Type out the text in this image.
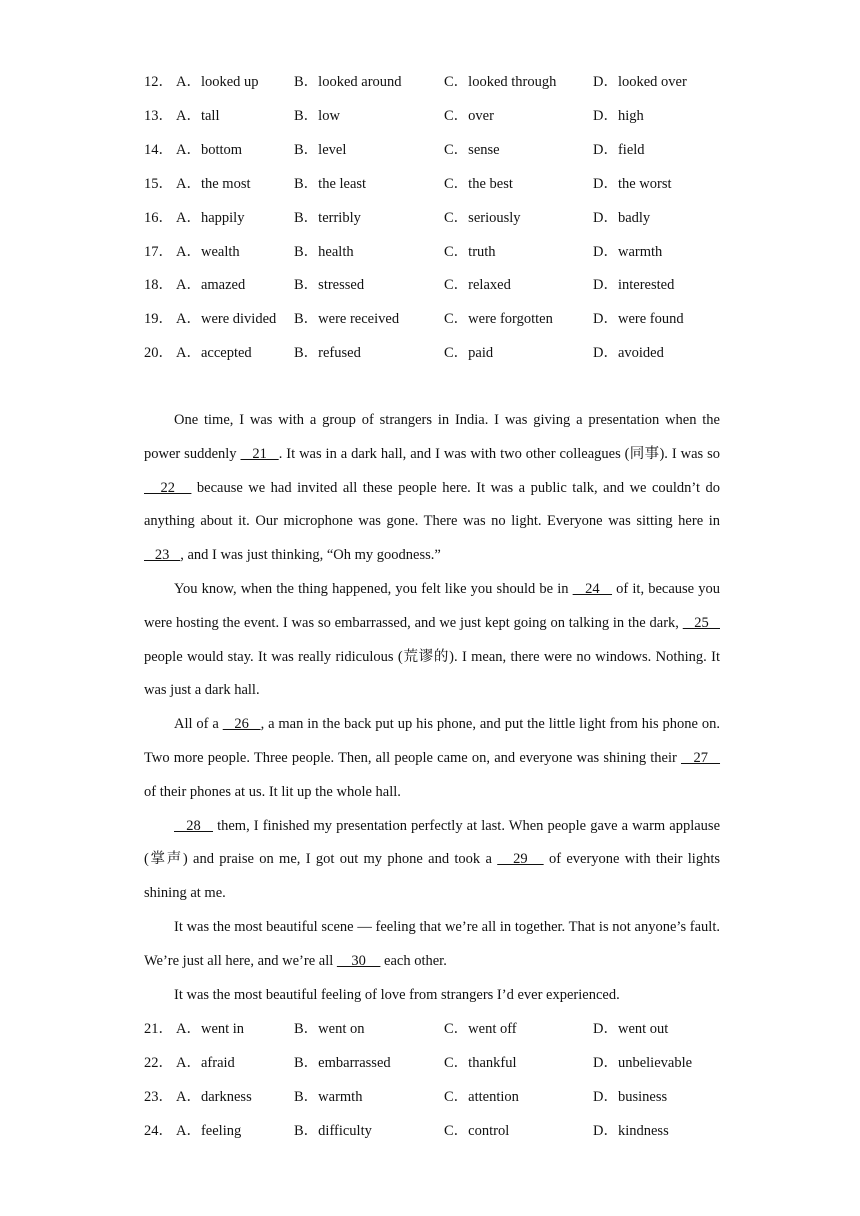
12． A．looked up B．looked around	C．looked through	D．looked over
13． A．tall	B．low	C．over	D．high
14． A．bottom	B．level	C．sense	D．field
15． A．the most	B．the least	C．the best	D．the worst
16． A．happily	B．terribly	C．seriously	D．badly
17． A．wealth	B．health	C．truth	D．warmth
18． A．amazed	B．stressed	C．relaxed	D．interested
19． A．were divided B．were received	C．were forgotten	D．were found
20． A．accepted	B．refused	C．paid	D．avoided

One time, I was with a group of strangers in India. I was giving a presentation when the power suddenly    21   . It was in a dark hall, and I was with two other colleagues (同事). I was so    22    because we had invited all these people here. It was a public talk, and we couldn’t do anything about it. Our microphone was gone. There was no light. Everyone was sitting here in    23   , and I was just thinking, “Oh my goodness.”

You know, when the thing happened, you felt like you should be in    24    of it, because you were hosting the event. I was so embarrassed, and we just kept going on talking in the dark,    25    people would stay. It was really ridiculous (荒谬的). I mean, there were no windows. Nothing. It was just a dark hall.

All of a    26   , a man in the back put up his phone, and put the little light from his phone on. Two more people. Three people. Then, all people came on, and everyone was shining their    27    of their phones at us. It lit up the whole hall.

28    them, I finished my presentation perfectly at last. When people gave a warm applause (掌声) and praise on me, I got out my phone and took a    29    of everyone with their lights shining at me.

It was the most beautiful scene — feeling that we’re all in together. That is not anyone’s fault. We’re just all here, and we’re all     30     each other.

It was the most beautiful feeling of love from strangers I’d ever experienced.

21． A．went in	B．went on	C．went off	D．went out
22． A．afraid	B．embarrassed	C．thankful	D．unbelievable
23． A．darkness	B．warmth	C．attention	D．business
24． A．feeling	B．difficulty	C．control	D．kindness
